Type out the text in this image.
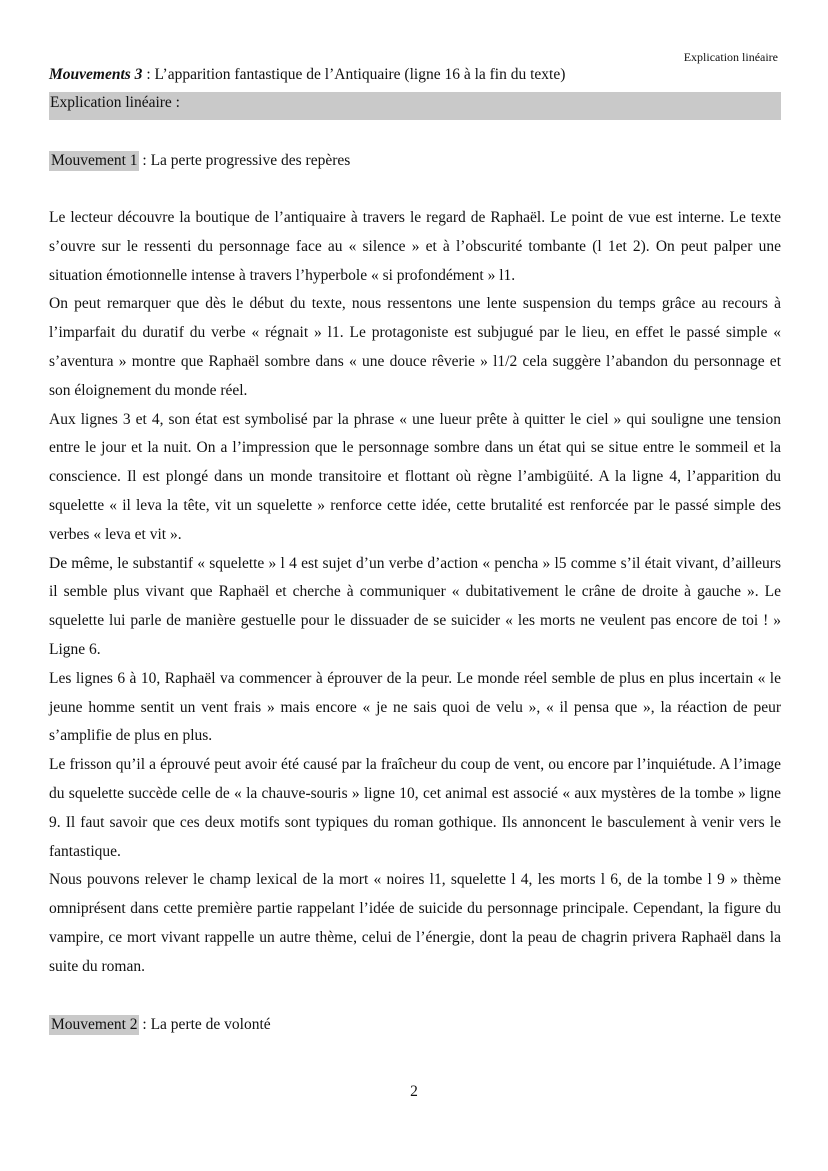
Explication linéaire
Mouvements 3 : L’apparition fantastique de l’Antiquaire (ligne 16 à la fin du texte)
Explication linéaire :
Mouvement 1 : La perte progressive des repères

Le lecteur découvre la boutique de l’antiquaire à travers le regard de Raphaël. Le point de vue est interne. Le texte s’ouvre sur le ressenti du personnage face au « silence » et à l’obscurité tombante (l 1et 2). On peut palper une situation émotionnelle intense à travers l’hyperbole « si profondément » l1.

On peut remarquer que dès le début du texte, nous ressentons une lente suspension du temps grâce au recours à l’imparfait du duratif du verbe « régnait » l1. Le protagoniste est subjugué par le lieu, en effet le passé simple « s’aventura » montre que Raphaël sombre dans « une douce rêverie » l1/2 cela suggère l’abandon du personnage et son éloignement du monde réel.

Aux lignes 3 et 4, son état est symbolisé par la phrase « une lueur prête à quitter le ciel » qui souligne une tension entre le jour et la nuit. On a l’impression que le personnage sombre dans un état qui se situe entre le sommeil et la conscience. Il est plongé dans un monde transitoire et flottant où règne l’ambigüité. A la ligne 4, l’apparition du squelette « il leva la tête, vit un squelette » renforce cette idée, cette brutalité est renforcée par le passé simple des verbes « leva et vit ».

De même, le substantif « squelette » l 4 est sujet d’un verbe d’action « pencha » l5 comme s’il était vivant, d’ailleurs il semble plus vivant que Raphaël et cherche à communiquer « dubitativement le crâne de droite à gauche ». Le squelette lui parle de manière gestuelle pour le dissuader de se suicider « les morts ne veulent pas encore de toi ! » Ligne 6.

Les lignes 6 à 10, Raphaël va commencer à éprouver de la peur. Le monde réel semble de plus en plus incertain « le jeune homme sentit un vent frais » mais encore « je ne sais quoi de velu », « il pensa que », la réaction de peur s’amplifie de plus en plus.

Le frisson qu’il a éprouvé peut avoir été causé par la fraîcheur du coup de vent, ou encore par l’inquiétude. A l’image du squelette succède celle de « la chauve-souris » ligne 10, cet animal est associé « aux mystères de la tombe » ligne 9. Il faut savoir que ces deux motifs sont typiques du roman gothique. Ils annoncent le basculement à venir vers le fantastique.

Nous pouvons relever le champ lexical de la mort « noires l1, squelette l 4, les morts l 6, de la tombe l 9 » thème omniprésent dans cette première partie rappelant l’idée de suicide du personnage principale. Cependant, la figure du vampire, ce mort vivant rappelle un autre thème, celui de l’énergie, dont la peau de chagrin privera Raphaël dans la suite du roman.

Mouvement 2 : La perte de volonté
2
